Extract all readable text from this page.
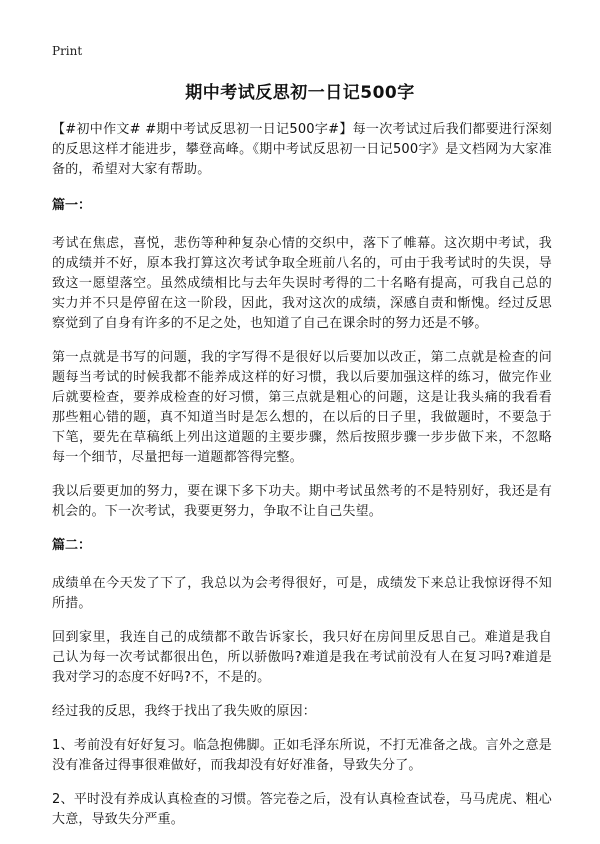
Print
期中考试反思初一日记500字

【#初中作文# #期中考试反思初一日记500字#】每一次考试过后我们都要进行深刻的反思这样才能进步，攀登高峰。《期中考试反思初一日记500字》是文档网为大家准备的，希望对大家有帮助。

篇一：

考试在焦虑，喜悦，悲伤等种种复杂心情的交织中，落下了帷幕。这次期中考试，我的成绩并不好，原本我打算这次考试争取全班前八名的，可由于我考试时的失误，导致这一愿望落空。虽然成绩相比与去年失误时考得的二十名略有提高，可我自己总的实力并不只是停留在这一阶段，因此，我对这次的成绩，深感自责和惭愧。经过反思察觉到了自身有许多的不足之处，也知道了自己在课余时的努力还是不够。

第一点就是书写的问题，我的字写得不是很好以后要加以改正，第二点就是检查的问题每当考试的时候我都不能养成这样的好习惯，我以后要加强这样的练习，做完作业后就要检查，要养成检查的好习惯，第三点就是粗心的问题，这是让我头痛的我看看那些粗心错的题，真不知道当时是怎么想的，在以后的日子里，我做题时，不要急于下笔，要先在草稿纸上列出这道题的主要步骤，然后按照步骤一步步做下来，不忽略每一个细节，尽量把每一道题都答得完整。

我以后要更加的努力，要在课下多下功夫。期中考试虽然考的不是特别好，我还是有机会的。下一次考试，我要更努力，争取不让自己失望。

篇二：

成绩单在今天发了下了，我总以为会考得很好，可是，成绩发下来总让我惊讶得不知所措。

回到家里，我连自己的成绩都不敢告诉家长，我只好在房间里反思自己。难道是我自己认为每一次考试都很出色，所以骄傲吗?难道是我在考试前没有人在复习吗?难道是我对学习的态度不好吗?不，不是的。

经过我的反思，我终于找出了我失败的原因：

1、考前没有好好复习。临急抱佛脚。正如毛泽东所说，不打无准备之战。言外之意是没有准备过得事很难做好，而我却没有好好准备，导致失分了。

2、平时没有养成认真检查的习惯。答完卷之后，没有认真检查试卷，马马虎虎、粗心大意，导致失分严重。
